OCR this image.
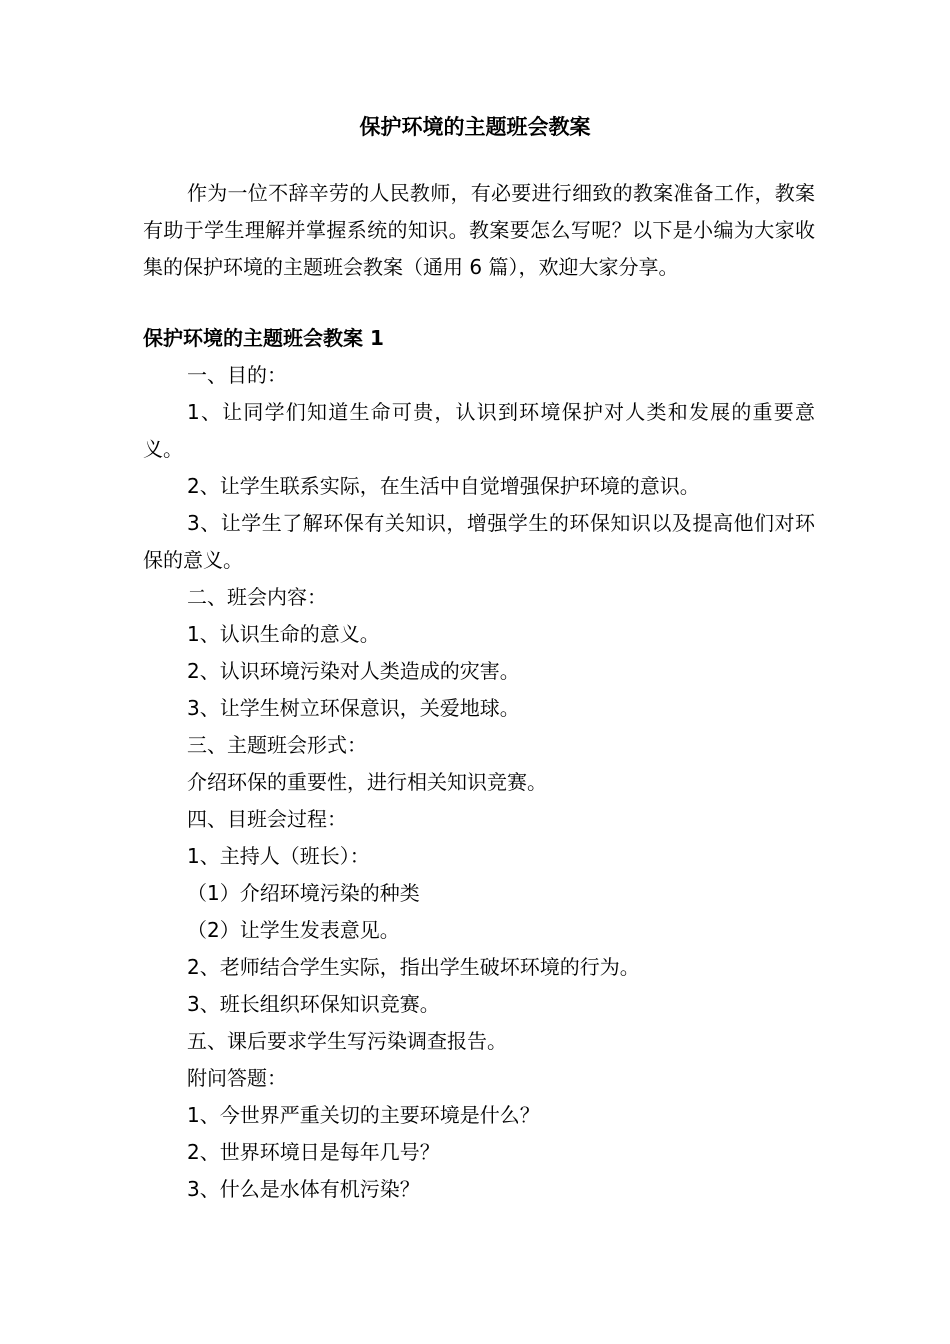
保护环境的主题班会教案

作为一位不辞辛劳的人民教师，有必要进行细致的教案准备工作，教案有助于学生理解并掌握系统的知识。教案要怎么写呢？以下是小编为大家收集的保护环境的主题班会教案（通用 6 篇），欢迎大家分享。

保护环境的主题班会教案 1

一、目的：

1、让同学们知道生命可贵，认识到环境保护对人类和发展的重要意义。

2、让学生联系实际，在生活中自觉增强保护环境的意识。

3、让学生了解环保有关知识，增强学生的环保知识以及提高他们对环保的意义。

二、班会内容：

1、认识生命的意义。

2、认识环境污染对人类造成的灾害。

3、让学生树立环保意识，关爱地球。

三、主题班会形式：

介绍环保的重要性，进行相关知识竞赛。

四、目班会过程：

1、主持人（班长）：

（1）介绍环境污染的种类

（2）让学生发表意见。

2、老师结合学生实际，指出学生破坏环境的行为。

3、班长组织环保知识竞赛。

五、课后要求学生写污染调查报告。

附问答题：

1、今世界严重关切的主要环境是什么？

2、世界环境日是每年几号？

3、什么是水体有机污染？
